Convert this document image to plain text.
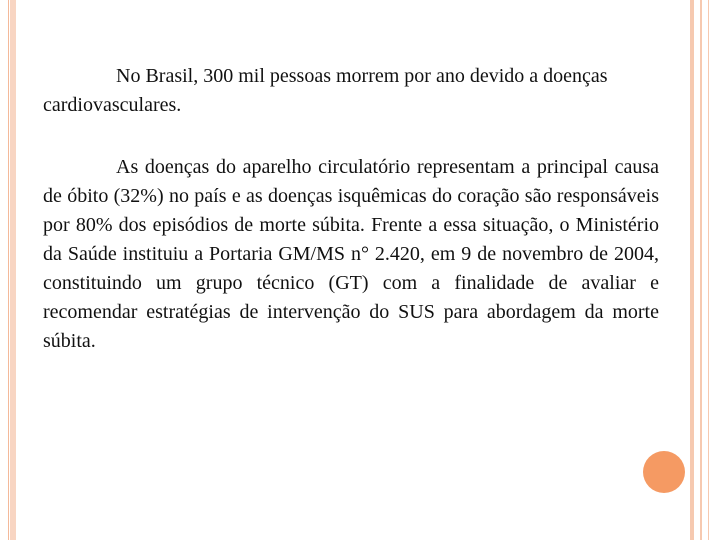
No Brasil, 300 mil pessoas morrem por ano devido a doenças cardiovasculares.

As doenças do aparelho circulatório representam a principal causa de óbito (32%) no país e as doenças isquêmicas do coração são responsáveis por 80% dos episódios de morte súbita. Frente a essa situação, o Ministério da Saúde instituiu a Portaria GM/MS n° 2.420, em 9 de novembro de 2004, constituindo um grupo técnico (GT) com a finalidade de avaliar e recomendar estratégias de intervenção do SUS para abordagem da morte súbita.
